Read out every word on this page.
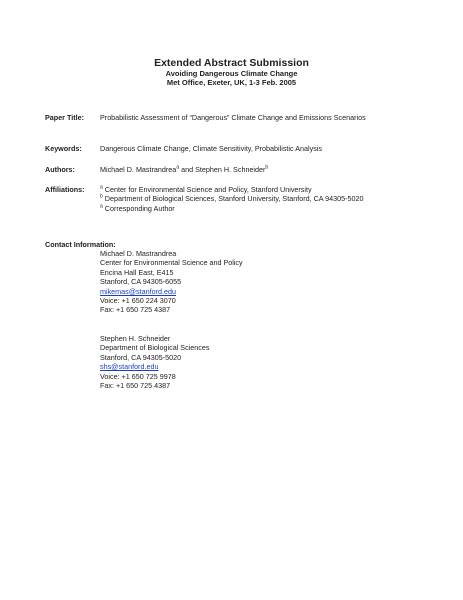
Extended Abstract Submission
Avoiding Dangerous Climate Change
Met Office, Exeter, UK, 1-3 Feb. 2005
Paper Title:	Probabilistic Assessment of “Dangerous” Climate Change and Emissions Scenarios
Keywords:	Dangerous Climate Change, Climate Sensitivity, Probabilistic Analysis
Authors:	Michael D. Mastrandrea$^a$ and Stephen H. Schneider$^b$
Affiliations:	$^a$ Center for Environmental Science and Policy, Stanford University
$^b$ Department of Biological Sciences, Stanford University, Stanford, CA 94305-5020
$^a$ Corresponding Author
Contact Information:
Michael D. Mastrandrea
Center for Environmental Science and Policy
Encina Hall East, E415
Stanford, CA 94305-6055
mikemas@stanford.edu
Voice: +1 650 224 3070
Fax: +1 650 725 4387
Stephen H. Schneider
Department of Biological Sciences
Stanford, CA 94305-5020
shs@stanford.edu
Voice: +1 650 725 9978
Fax: +1 650 725 4387
